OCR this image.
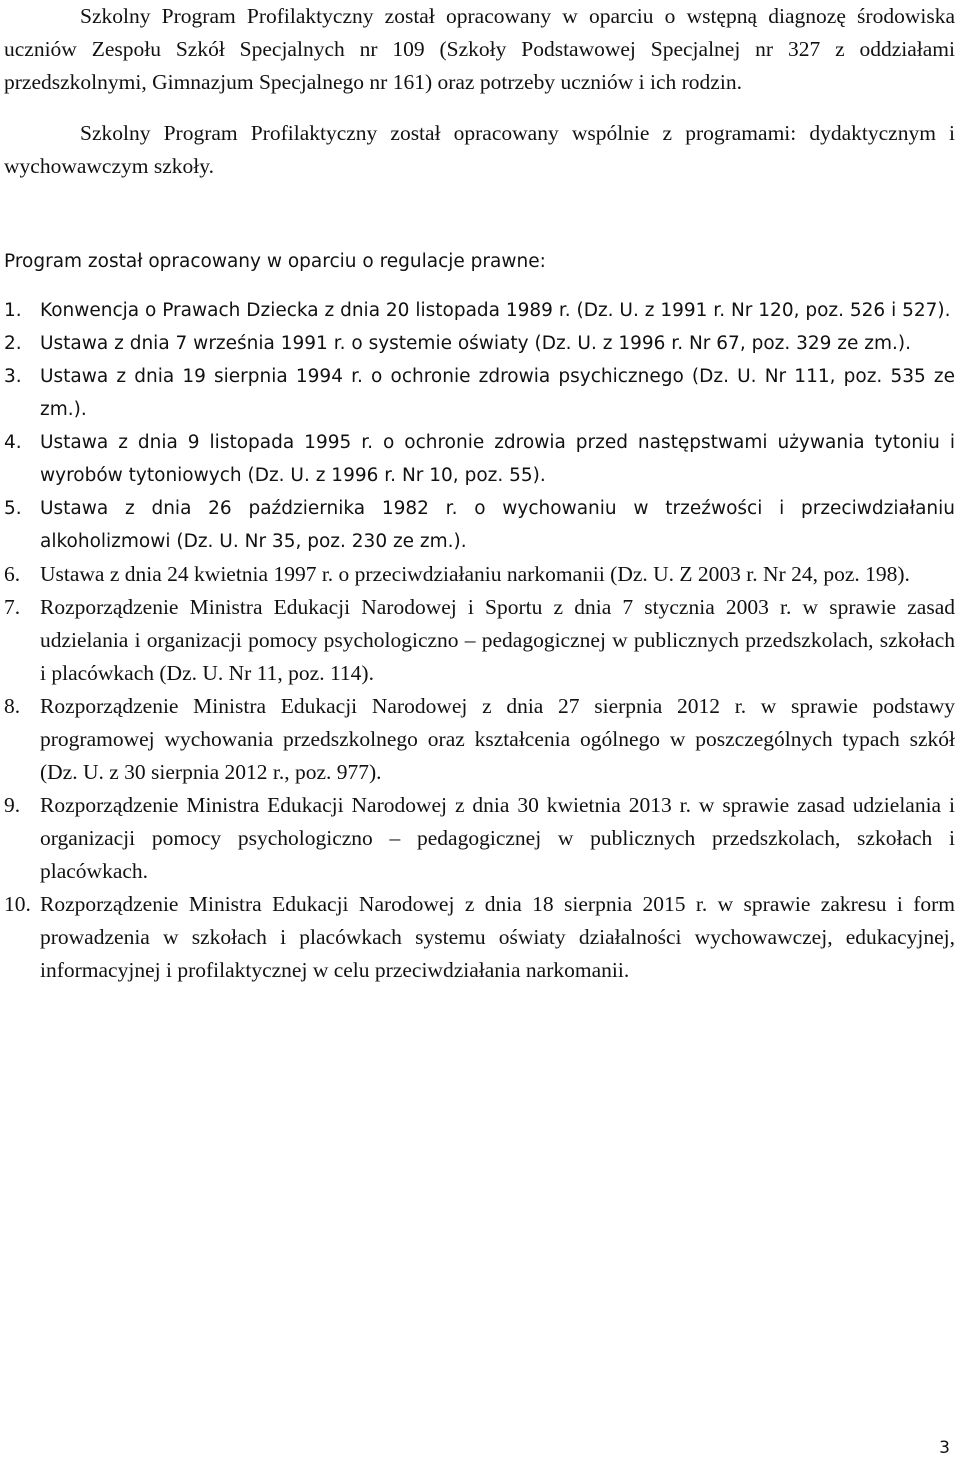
Szkolny Program Profilaktyczny został opracowany w oparciu o wstępną diagnozę środowiska uczniów Zespołu Szkół Specjalnych nr 109 (Szkoły Podstawowej Specjalnej nr 327 z oddziałami przedszkolnymi, Gimnazjum Specjalnego nr 161) oraz potrzeby uczniów i ich rodzin.

Szkolny Program Profilaktyczny został opracowany wspólnie z programami: dydaktycznym i wychowawczym szkoły.

Program został opracowany w oparciu o regulacje prawne:

1. Konwencja o Prawach Dziecka z dnia 20 listopada 1989 r. (Dz. U. z 1991 r. Nr 120, poz. 526 i 527).
2. Ustawa z dnia 7 września 1991 r. o systemie oświaty (Dz. U. z 1996 r. Nr 67, poz. 329 ze zm.).
3. Ustawa z dnia 19 sierpnia 1994 r. o ochronie zdrowia psychicznego (Dz. U. Nr 111, poz. 535 ze zm.).
4. Ustawa z dnia 9 listopada 1995 r. o ochronie zdrowia przed następstwami używania tytoniu i wyrobów tytoniowych (Dz. U. z 1996 r. Nr 10, poz. 55).
5. Ustawa z dnia 26 października 1982 r. o wychowaniu w trzeźwości i przeciwdziałaniu alkoholizmowi (Dz. U. Nr 35, poz. 230 ze zm.).
6. Ustawa z dnia 24 kwietnia 1997 r. o przeciwdziałaniu narkomanii (Dz. U. Z 2003 r. Nr 24, poz. 198).
7. Rozporządzenie Ministra Edukacji Narodowej i Sportu z dnia 7 stycznia 2003 r. w sprawie zasad udzielania i organizacji pomocy psychologiczno – pedagogicznej w publicznych przedszkolach, szkołach i placówkach (Dz. U. Nr 11, poz. 114).
8. Rozporządzenie Ministra Edukacji Narodowej z dnia 27 sierpnia 2012 r. w sprawie podstawy programowej wychowania przedszkolnego oraz kształcenia ogólnego w poszczególnych typach szkół (Dz. U. z 30 sierpnia 2012 r., poz. 977).
9. Rozporządzenie Ministra Edukacji Narodowej z dnia 30 kwietnia 2013 r. w sprawie zasad udzielania i organizacji pomocy psychologiczno – pedagogicznej w publicznych przedszkolach, szkołach i placówkach.
10. Rozporządzenie Ministra Edukacji Narodowej z dnia 18 sierpnia 2015 r. w sprawie zakresu i form prowadzenia w szkołach i placówkach systemu oświaty działalności wychowawczej, edukacyjnej, informacyjnej i profilaktycznej w celu przeciwdziałania narkomanii.
3
